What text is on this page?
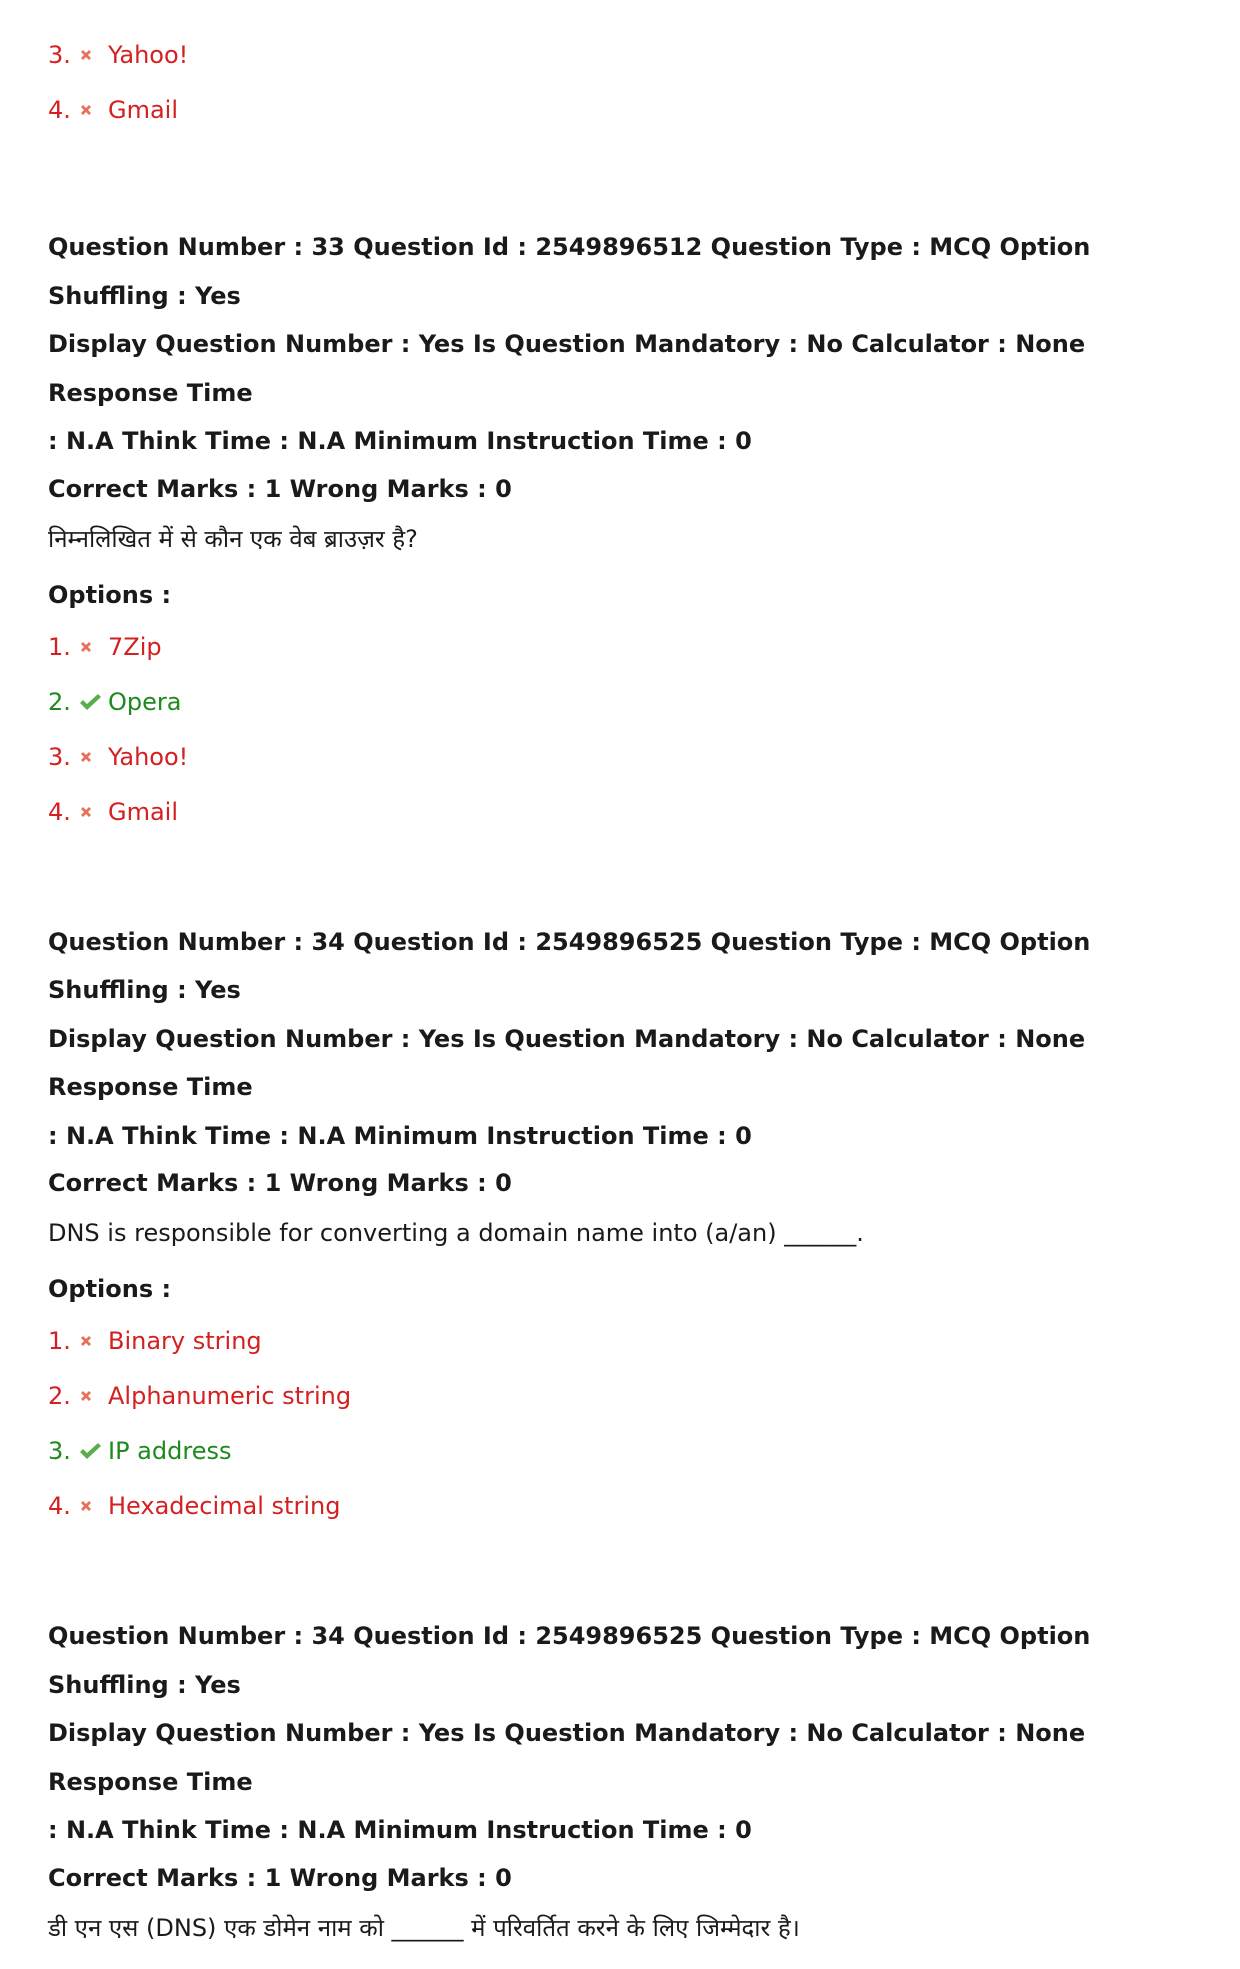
3. Yahoo!
4. Gmail

Question Number : 33 Question Id : 2549896512 Question Type : MCQ Option Shuffling : Yes

Display Question Number : Yes Is Question Mandatory : No Calculator : None Response Time

: N.A Think Time : N.A Minimum Instruction Time : 0

Correct Marks : 1 Wrong Marks : 0

निम्नलिखित में से कौन एक वेब ब्राउज़र है?

Options :

1. 7Zip
2. Opera
3. Yahoo!
4. Gmail

Question Number : 34 Question Id : 2549896525 Question Type : MCQ Option Shuffling : Yes

Display Question Number : Yes Is Question Mandatory : No Calculator : None Response Time

: N.A Think Time : N.A Minimum Instruction Time : 0

Correct Marks : 1 Wrong Marks : 0

DNS is responsible for converting a domain name into (a/an) ______.

Options :

1. Binary string
2. Alphanumeric string
3. IP address
4. Hexadecimal string

Question Number : 34 Question Id : 2549896525 Question Type : MCQ Option Shuffling : Yes

Display Question Number : Yes Is Question Mandatory : No Calculator : None Response Time

: N.A Think Time : N.A Minimum Instruction Time : 0

Correct Marks : 1 Wrong Marks : 0

डी एन एस (DNS) एक डोमेन नाम को ______ में परिवर्तित करने के लिए जिम्मेदार है।
